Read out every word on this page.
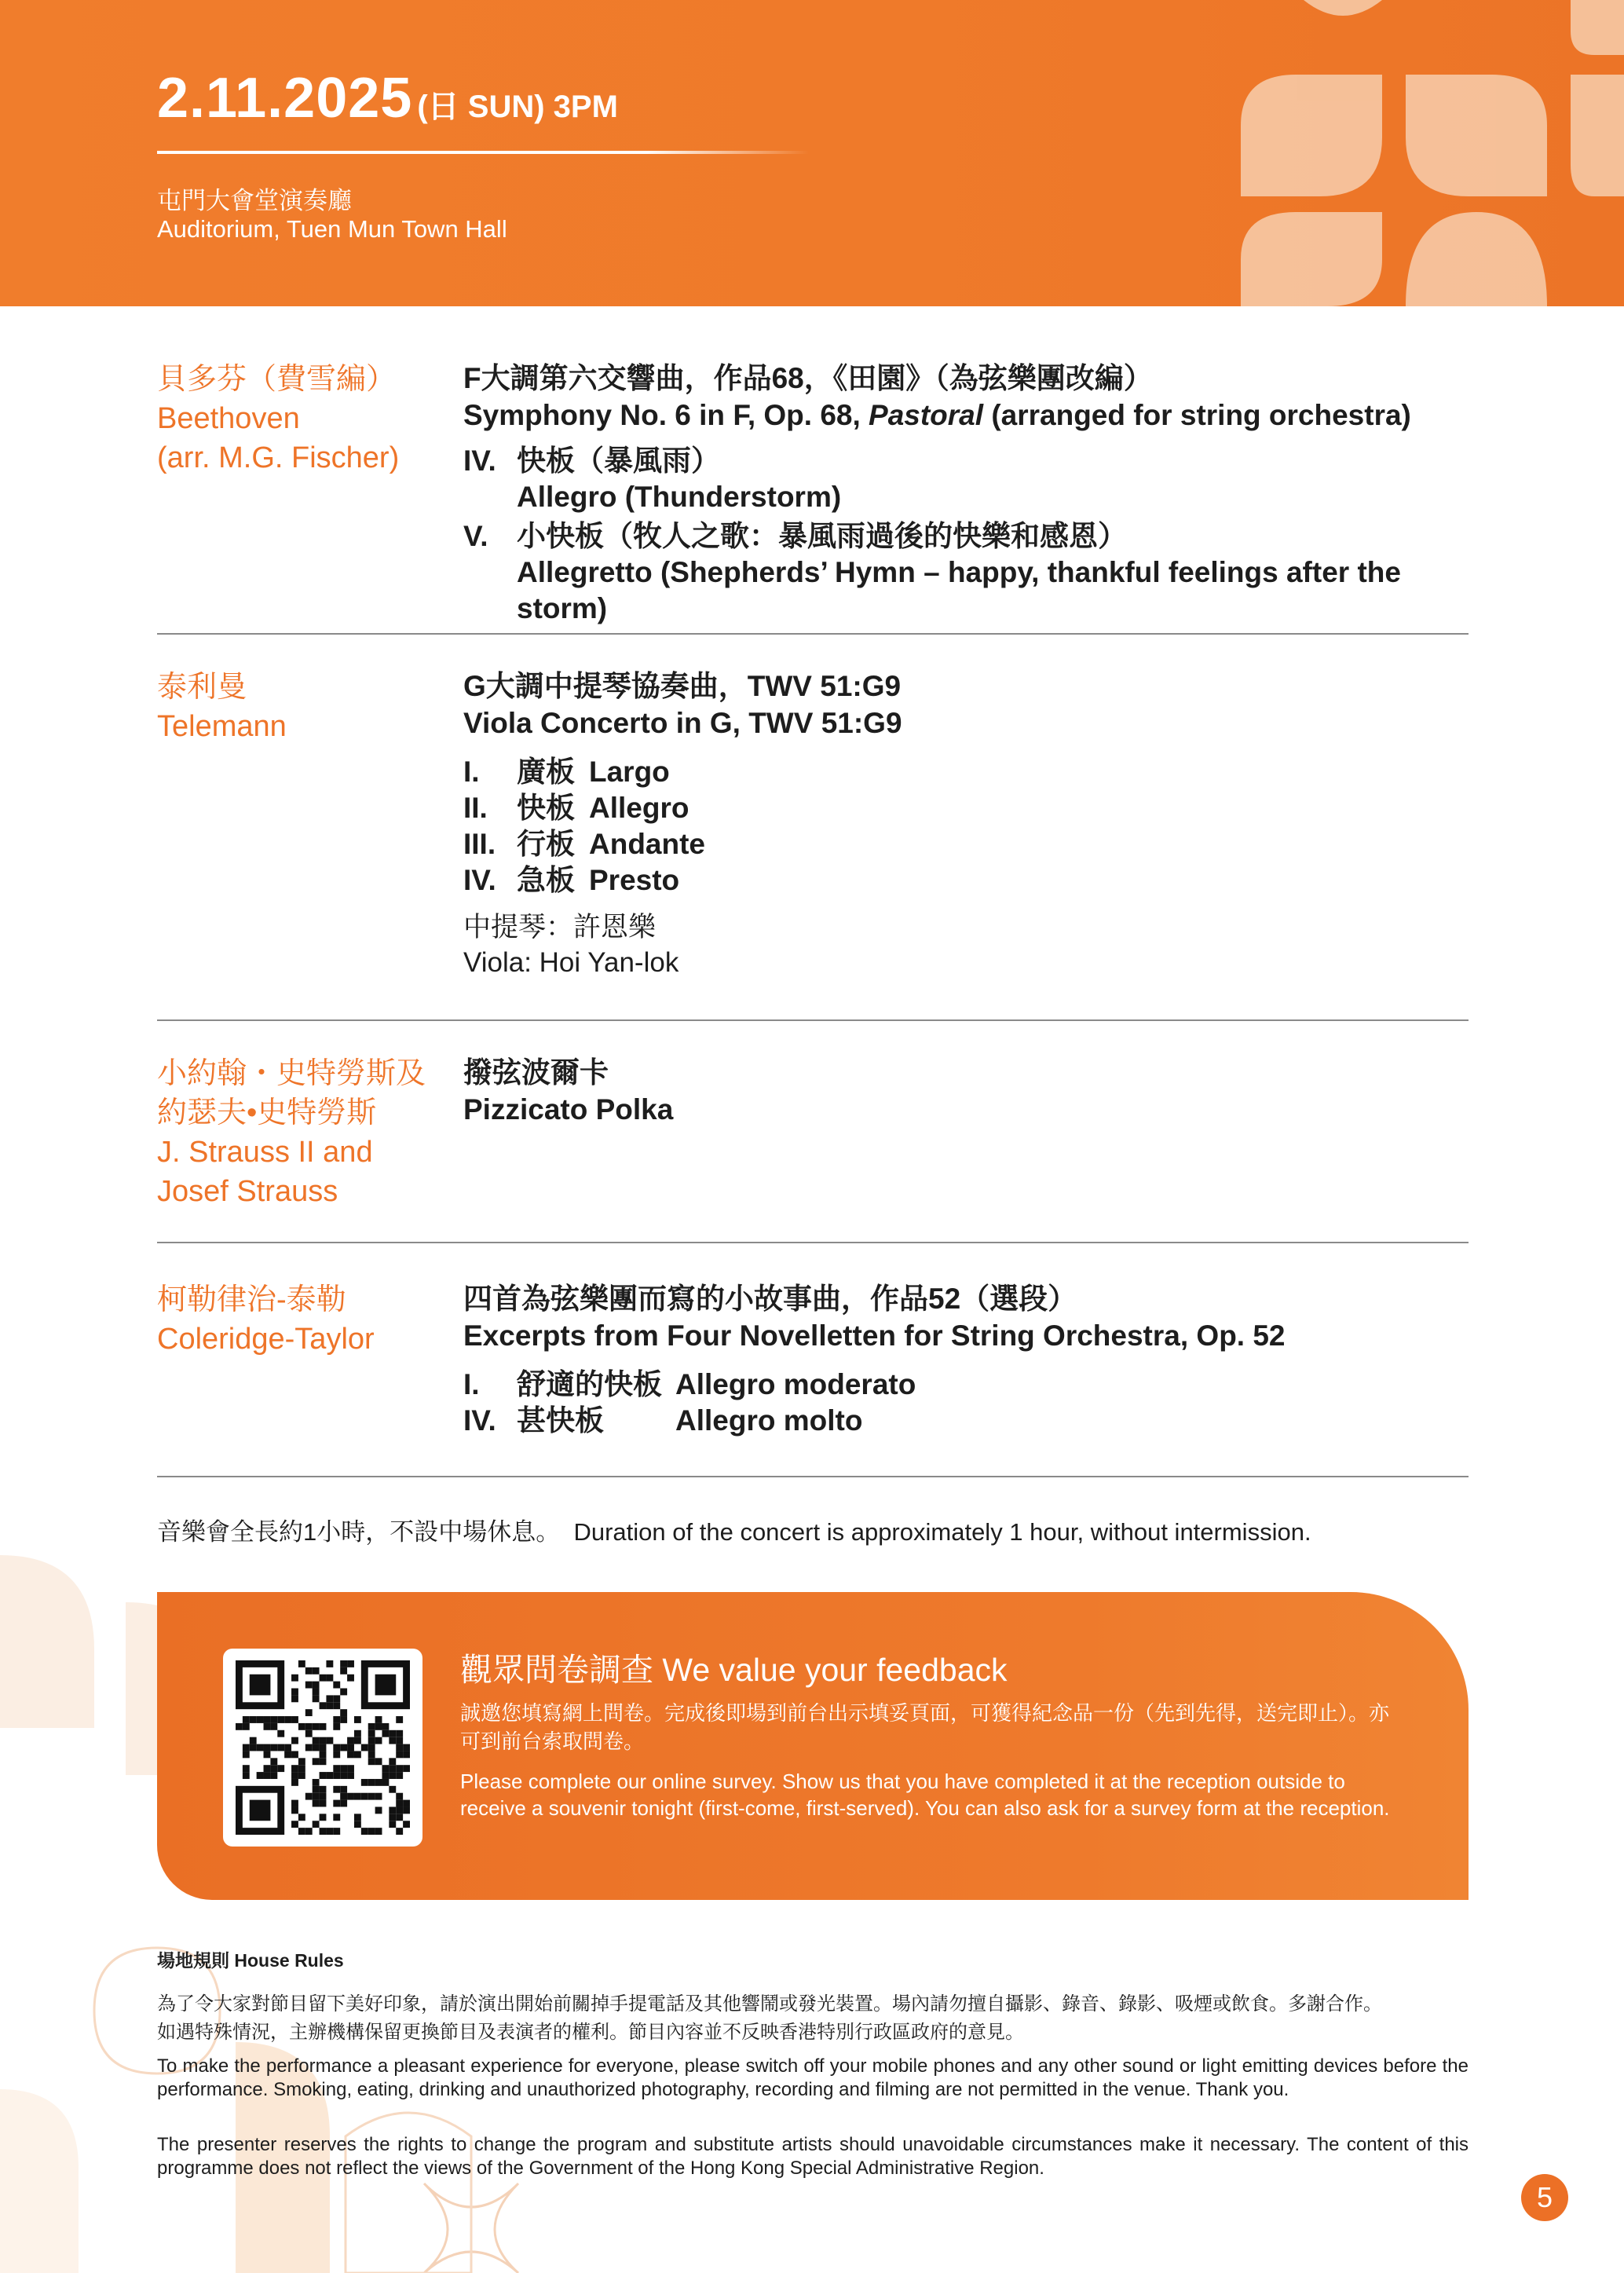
2.11.2025 (日 SUN) 3PM
屯門大會堂演奏廳
Auditorium, Tuen Mun Town Hall
貝多芬（費雪編）
Beethoven
(arr. M.G. Fischer)
F大調第六交響曲，作品68，《田園》（為弦樂團改編）
Symphony No. 6 in F, Op. 68, Pastoral (arranged for string orchestra)
IV. 快板（暴風雨）
Allegro (Thunderstorm)
V. 小快板（牧人之歌：暴風雨過後的快樂和感恩）
Allegretto (Shepherds’ Hymn – happy, thankful feelings after the storm)
泰利曼
Telemann
G大調中提琴協奏曲，TWV 51:G9
Viola Concerto in G, TWV 51:G9
I.	廣板 Largo
II.	快板 Allegro
III. 行板 Andante
IV. 急板 Presto
中提琴：許恩樂
Viola: Hoi Yan-lok
小約翰・史特勞斯及
約瑟夫•史特勞斯
J. Strauss II and
Josef Strauss
撥弦波爾卡
Pizzicato Polka
柯勒律治-泰勒
Coleridge-Taylor
四首為弦樂團而寫的小故事曲，作品52（選段）
Excerpts from Four Novelletten for String Orchestra, Op. 52
I.	舒適的快板 Allegro moderato
IV. 甚快板	Allegro molto
音樂會全長約1小時，不設中場休息。 Duration of the concert is approximately 1 hour, without intermission.
觀眾問卷調查 We value your feedback
誠邀您填寫網上問卷。完成後即場到前台出示填妥頁面，可獲得紀念品一份（先到先得，送完即止）。亦可到前台索取問卷。
Please complete our online survey. Show us that you have completed it at the reception outside to receive a souvenir tonight (first-come, first-served). You can also ask for a survey form at the reception.
場地規則 House Rules
為了令大家對節目留下美好印象，請於演出開始前關掉手提電話及其他響鬧或發光裝置。場內請勿擅自攝影、錄音、錄影、吸煙或飲食。多謝合作。
如遇特殊情況，主辦機構保留更換節目及表演者的權利。節目內容並不反映香港特別行政區政府的意見。
To make the performance a pleasant experience for everyone, please switch off your mobile phones and any other sound or light emitting devices before the performance. Smoking, eating, drinking and unauthorized photography, recording and filming are not permitted in the venue. Thank you.
The presenter reserves the rights to change the program and substitute artists should unavoidable circumstances make it necessary. The content of this programme does not reflect the views of the Government of the Hong Kong Special Administrative Region.
5
